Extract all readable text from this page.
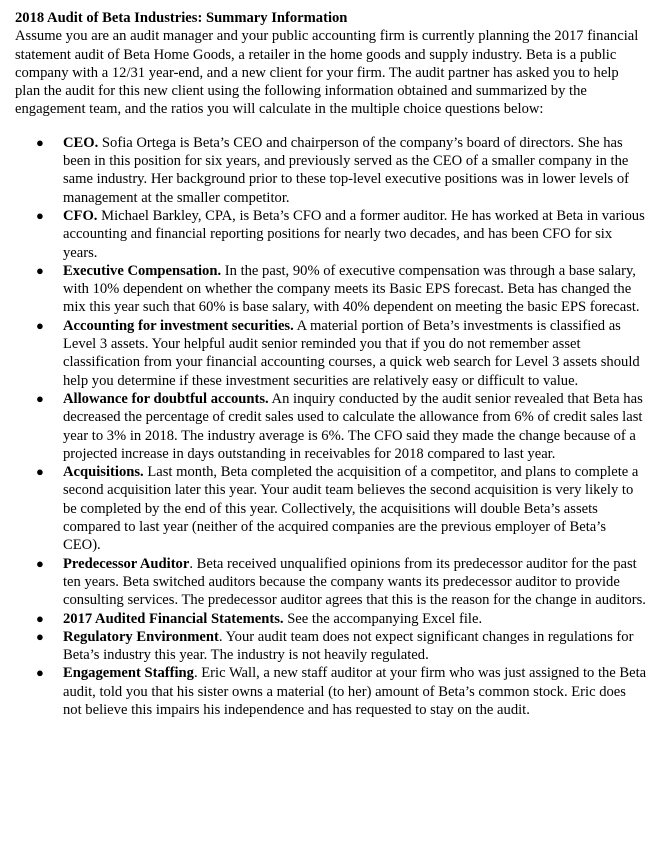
2018 Audit of Beta Industries: Summary Information

Assume you are an audit manager and your public accounting firm is currently planning the 2017 financial statement audit of Beta Home Goods, a retailer in the home goods and supply industry. Beta is a public company with a 12/31 year-end, and a new client for your firm. The audit partner has asked you to help plan the audit for this new client using the following information obtained and summarized by the engagement team, and the ratios you will calculate in the multiple choice questions below:

●	CEO. Sofia Ortega is Beta’s CEO and chairperson of the company’s board of directors. She has been in this position for six years, and previously served as the CEO of a smaller company in the same industry. Her background prior to these top-level executive positions was in lower levels of management at the smaller competitor.
●	CFO. Michael Barkley, CPA, is Beta’s CFO and a former auditor. He has worked at Beta in various accounting and financial reporting positions for nearly two decades, and has been CFO for six years.
●	Executive Compensation. In the past, 90% of executive compensation was through a base salary, with 10% dependent on whether the company meets its Basic EPS forecast. Beta has changed the mix this year such that 60% is base salary, with 40% dependent on meeting the basic EPS forecast.
●	Accounting for investment securities. A material portion of Beta’s investments is classified as Level 3 assets. Your helpful audit senior reminded you that if you do not remember asset classification from your financial accounting courses, a quick web search for Level 3 assets should help you determine if these investment securities are relatively easy or difficult to value.
●	Allowance for doubtful accounts. An inquiry conducted by the audit senior revealed that Beta has decreased the percentage of credit sales used to calculate the allowance from 6% of credit sales last year to 3% in 2018. The industry average is 6%. The CFO said they made the change because of a projected increase in days outstanding in receivables for 2018 compared to last year.
●	Acquisitions. Last month, Beta completed the acquisition of a competitor, and plans to complete a second acquisition later this year. Your audit team believes the second acquisition is very likely to be completed by the end of this year. Collectively, the acquisitions will double Beta’s assets compared to last year (neither of the acquired companies are the previous employer of Beta’s CEO).
●	Predecessor Auditor. Beta received unqualified opinions from its predecessor auditor for the past ten years. Beta switched auditors because the company wants its predecessor auditor to provide consulting services. The predecessor auditor agrees that this is the reason for the change in auditors.
●	2017 Audited Financial Statements. See the accompanying Excel file.
●	Regulatory Environment. Your audit team does not expect significant changes in regulations for Beta’s industry this year. The industry is not heavily regulated.
●	Engagement Staffing. Eric Wall, a new staff auditor at your firm who was just assigned to the Beta audit, told you that his sister owns a material (to her) amount of Beta’s common stock. Eric does not believe this impairs his independence and has requested to stay on the audit.
